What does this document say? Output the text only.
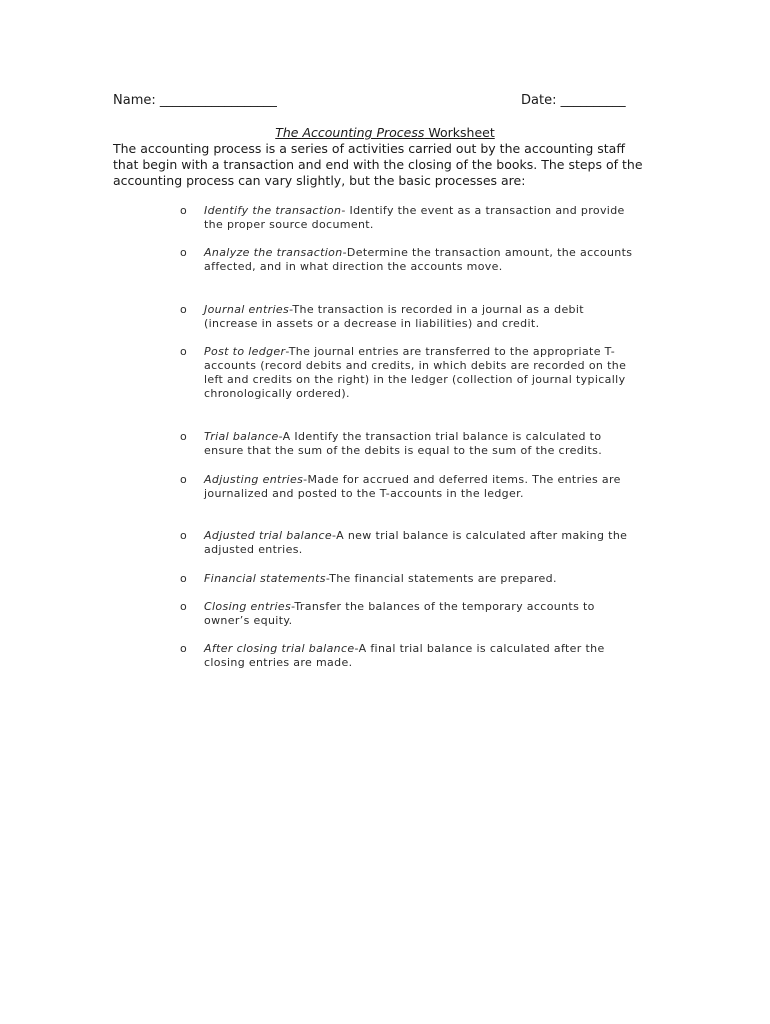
Name: __________________	Date: __________
The Accounting Process Worksheet
The accounting process is a series of activities carried out by the accounting staff
that begin with a transaction and end with the closing of the books. The steps of the
accounting process can vary slightly, but the basic processes are:
o Identify the transaction- Identify the event as a transaction and provide
the proper source document.
o Analyze the transaction-Determine the transaction amount, the accounts
affected, and in what direction the accounts move.
o Journal entries-The transaction is recorded in a journal as a debit
(increase in assets or a decrease in liabilities) and credit.
o Post to ledger-The journal entries are transferred to the appropriate T-
accounts (record debits and credits, in which debits are recorded on the
left and credits on the right) in the ledger (collection of journal typically
chronologically ordered).
o Trial balance-A Identify the transaction trial balance is calculated to
ensure that the sum of the debits is equal to the sum of the credits.
o Adjusting entries-Made for accrued and deferred items. The entries are
journalized and posted to the T-accounts in the ledger.
o Adjusted trial balance-A new trial balance is calculated after making the
adjusted entries.
o Financial statements-The financial statements are prepared.
o Closing entries-Transfer the balances of the temporary accounts to
owner’s equity.
o After closing trial balance-A final trial balance is calculated after the
closing entries are made.
